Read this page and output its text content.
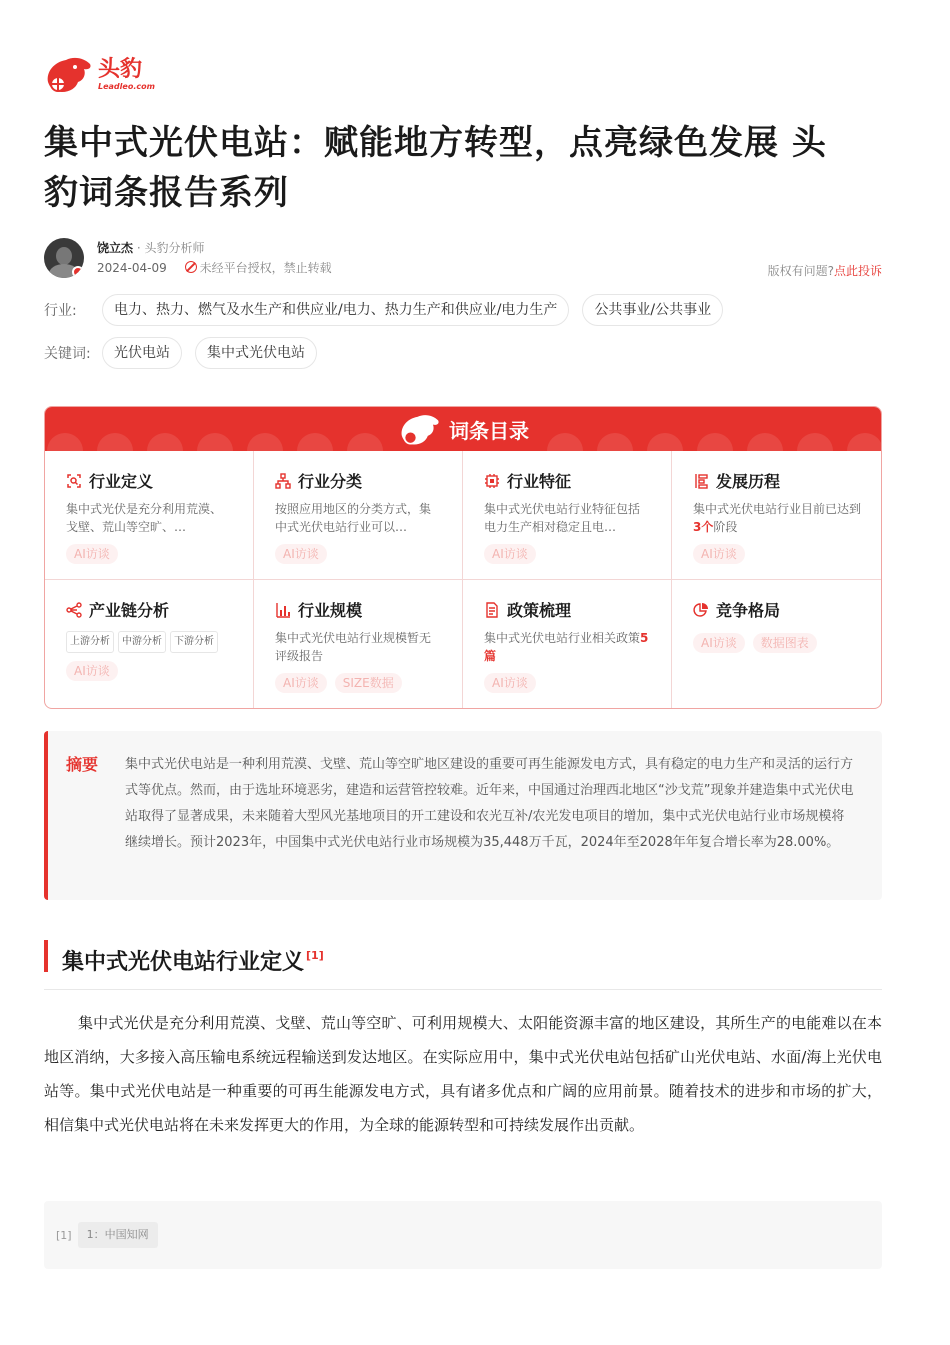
头豹
Leadleo.com
集中式光伏电站：赋能地方转型，点亮绿色发展 头豹词条报告系列
饶立杰 · 头豹分析师
2024-04-09	未经平台授权，禁止转载	版权有问题?点此投诉
行业:	电力、热力、燃气及水生产和供应业/电力、热力生产和供应业/电力生产	公共事业/公共事业
关键词:	光伏电站	集中式光伏电站
词条目录
行业定义
集中式光伏是充分利用荒漠、戈壁、荒山等空旷、…
AI访谈
行业分类
按照应用地区的分类方式，集中式光伏电站行业可以…
AI访谈
行业特征
集中式光伏电站行业特征包括电力生产相对稳定且电…
AI访谈
发展历程
集中式光伏电站行业目前已达到3个阶段
AI访谈
产业链分析
上游分析	中游分析	下游分析
AI访谈
行业规模
集中式光伏电站行业规模暂无评级报告
AI访谈 SIZE数据
政策梳理
集中式光伏电站行业相关政策5篇
AI访谈
竞争格局
AI访谈 数据图表
摘要	集中式光伏电站是一种利用荒漠、戈壁、荒山等空旷地区建设的重要可再生能源发电方式，具有稳定的电力生产和灵活的运行方式等优点。然而，由于选址环境恶劣，建造和运营管控较难。近年来，中国通过治理西北地区“沙戈荒”现象并建造集中式光伏电站取得了显著成果，未来随着大型风光基地项目的开工建设和农光互补/农光发电项目的增加，集中式光伏电站行业市场规模将继续增长。预计2023年，中国集中式光伏电站行业市场规模为35,448万千瓦，2024年至2028年年复合增长率为28.00%。
集中式光伏电站行业定义 [1]

集中式光伏是充分利用荒漠、戈壁、荒山等空旷、可利用规模大、太阳能资源丰富的地区建设，其所生产的电能难以在本地区消纳，大多接入高压输电系统远程输送到发达地区。在实际应用中，集中式光伏电站包括矿山光伏电站、水面/海上光伏电站等。集中式光伏电站是一种重要的可再生能源发电方式，具有诸多优点和广阔的应用前景。随着技术的进步和市场的扩大，相信集中式光伏电站将在未来发挥更大的作用，为全球的能源转型和可持续发展作出贡献。

[1]	1：中国知网
